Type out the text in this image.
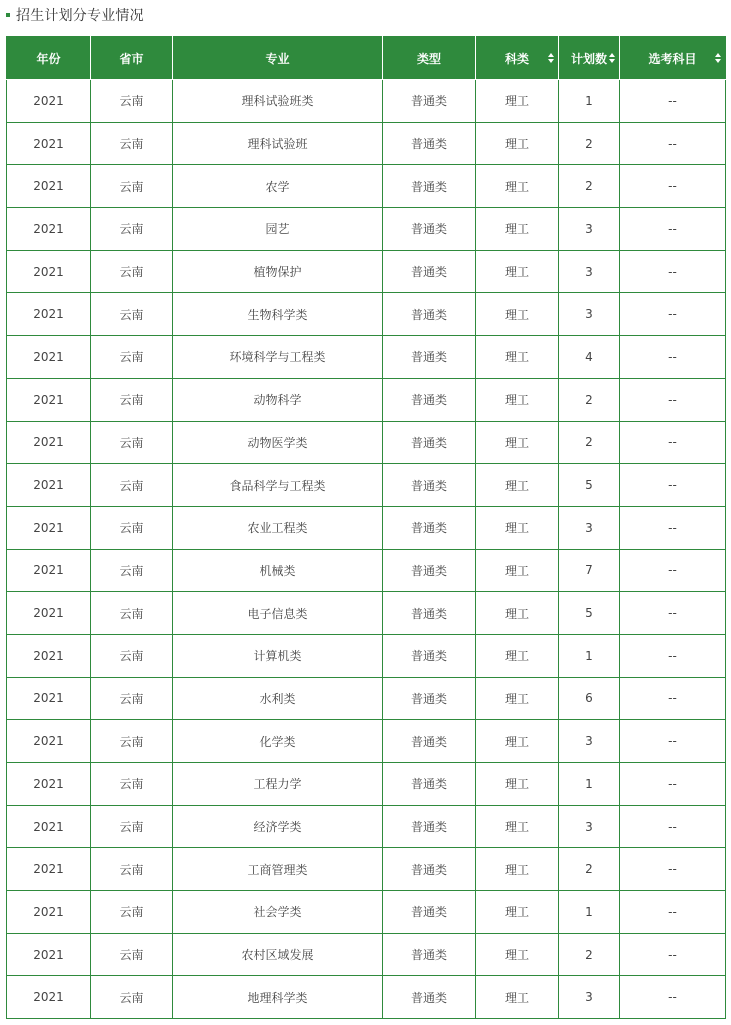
招生计划分专业情况
年份	省市	专业	类型	科类	计划数	选考科目

2021	云南	理科试验班类	普通类	理工	1	--
2021	云南	理科试验班	普通类	理工	2	--
2021	云南	农学	普通类	理工	2	--
2021	云南	园艺	普通类	理工	3	--
2021	云南	植物保护	普通类	理工	3	--
2021	云南	生物科学类	普通类	理工	3	--
2021	云南	环境科学与工程类	普通类	理工	4	--
2021	云南	动物科学	普通类	理工	2	--
2021	云南	动物医学类	普通类	理工	2	--
2021	云南	食品科学与工程类	普通类	理工	5	--
2021	云南	农业工程类	普通类	理工	3	--
2021	云南	机械类	普通类	理工	7	--
2021	云南	电子信息类	普通类	理工	5	--
2021	云南	计算机类	普通类	理工	1	--
2021	云南	水利类	普通类	理工	6	--
2021	云南	化学类	普通类	理工	3	--
2021	云南	工程力学	普通类	理工	1	--
2021	云南	经济学类	普通类	理工	3	--
2021	云南	工商管理类	普通类	理工	2	--
2021	云南	社会学类	普通类	理工	1	--
2021	云南	农村区域发展	普通类	理工	2	--
2021	云南	地理科学类	普通类	理工	3	--
